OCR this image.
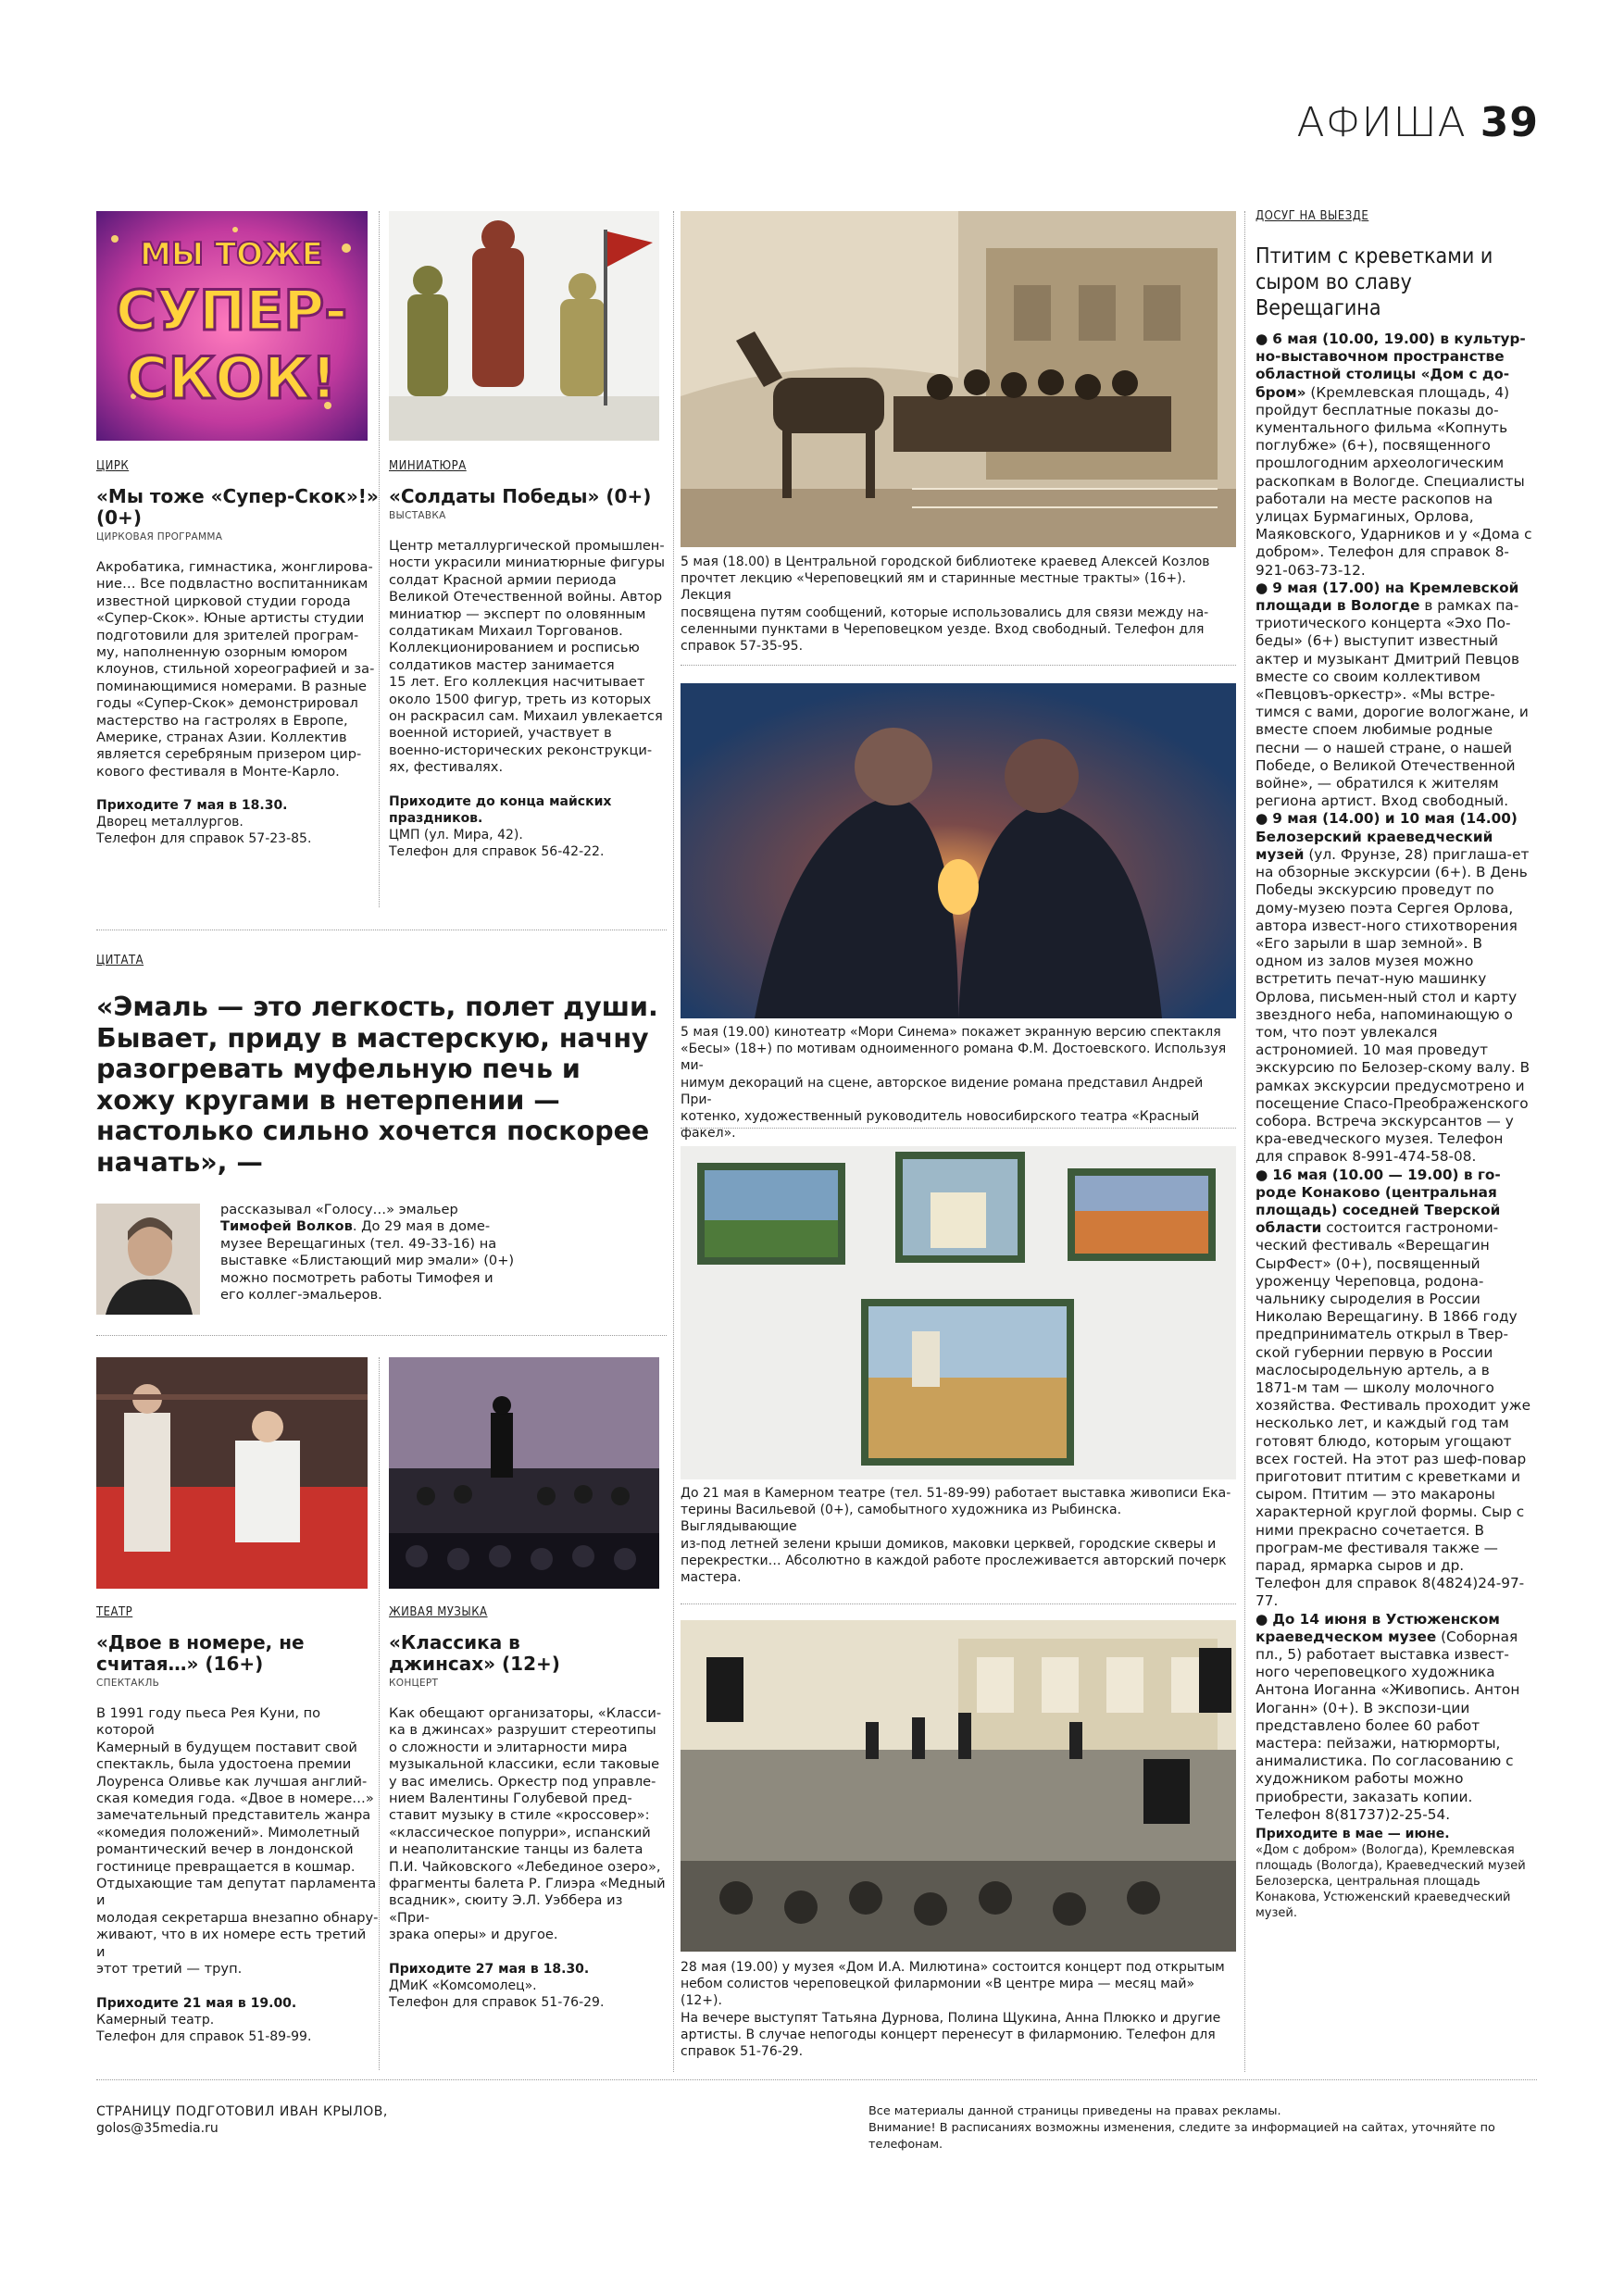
АФИША 39
МЫ ТОЖЕ
СУПЕР-
СКОК!
ЦИРК
«Мы тоже «Супер-Скок»!» (0+)
ЦИРКОВАЯ ПРОГРАММА
Акробатика, гимнастика, жонглирова-
ние… Все подвластно воспитанникам
известной цирковой студии города
«Супер-Скок». Юные артисты студии
подготовили для зрителей програм-
му, наполненную озорным юмором
клоунов, стильной хореографией и за-
поминающимися номерами. В разные
годы «Супер-Скок» демонстрировал
мастерство на гастролях в Европе,
Америке, странах Азии. Коллектив
является серебряным призером цир-
кового фестиваля в Монте-Карло.
Приходите 7 мая в 18.30.
Дворец металлургов.
Телефон для справок 57-23-85.
МИНИАТЮРА
«Солдаты Победы» (0+)
ВЫСТАВКА
Центр металлургической промышлен-
ности украсили миниатюрные фигуры
солдат Красной армии периода
Великой Отечественной войны. Автор
миниатюр — эксперт по оловянным
солдатикам Михаил Торгованов.
Коллекционированием и росписью
солдатиков мастер занимается
15 лет. Его коллекция насчитывает
около 1500 фигур, треть из которых
он раскрасил сам. Михаил увлекается
военной историей, участвует в
военно-исторических реконструкци-
ях, фестивалях.
Приходите до конца майских праздников.
ЦМП (ул. Мира, 42).
Телефон для справок 56-42-22.
ЦИТАТА
«Эмаль — это легкость, полет души. Бывает, приду в мастерскую, начну разогревать муфельную печь и хожу кругами в нетерпении — настолько сильно хочется поскорее начать», —
рассказывал «Голосу…» эмальер Тимофей Волков. До 29 мая в доме-музее Верещагиных (тел. 49-33-16) на выставке «Блистающий мир эмали» (0+) можно посмотреть работы Тимофея и его коллег-эмальеров.
ТЕАТР
«Двое в номере, не считая…» (16+)
СПЕКТАКЛЬ
В 1991 году пьеса Рея Куни, по которой
Камерный в будущем поставит свой
спектакль, была удостоена премии
Лоуренса Оливье как лучшая англий-
ская комедия года. «Двое в номере…»
замечательный представитель жанра
«комедия положений». Мимолетный
романтический вечер в лондонской
гостинице превращается в кошмар.
Отдыхающие там депутат парламента и
молодая секретарша внезапно обнару-
живают, что в их номере есть третий и
этот третий — труп.
Приходите 21 мая в 19.00.
Камерный театр.
Телефон для справок 51-89-99.
ЖИВАЯ МУЗЫКА
«Классика в джинсах» (12+)
КОНЦЕРТ
Как обещают организаторы, «Класси-
ка в джинсах» разрушит стереотипы
о сложности и элитарности мира
музыкальной классики, если таковые
у вас имелись. Оркестр под управле-
нием Валентины Голубевой пред-
ставит музыку в стиле «кроссовер»:
«классическое попурри», испанский
и неаполитанские танцы из балета
П.И. Чайковского «Лебединое озеро»,
фрагменты балета Р. Глиэра «Медный
всадник», сюиту Э.Л. Уэббера из «При-
зрака оперы» и другое.
Приходите 27 мая в 18.30.
ДМиК «Комсомолец».
Телефон для справок 51-76-29.
5 мая (18.00) в Центральной городской библиотеке краевед Алексей Козлов
прочтет лекцию «Череповецкий ям и старинные местные тракты» (16+). Лекция
посвящена путям сообщений, которые использовались для связи между на-
селенными пунктами в Череповецком уезде. Вход свободный. Телефон для
справок 57-35-95.
5 мая (19.00) кинотеатр «Мори Синема» покажет экранную версию спектакля
«Бесы» (18+) по мотивам одноименного романа Ф.М. Достоевского. Используя ми-
нимум декораций на сцене, авторское видение романа представил Андрей При-
котенко, художественный руководитель новосибирского театра «Красный факел».
До 21 мая в Камерном театре (тел. 51-89-99) работает выставка живописи Ека-
терины Васильевой (0+), самобытного художника из Рыбинска. Выглядывающие
из-под летней зелени крыши домиков, маковки церквей, городские скверы и
перекрестки… Абсолютно в каждой работе прослеживается авторский почерк
мастера.
28 мая (19.00) у музея «Дом И.А. Милютина» состоится концерт под открытым
небом солистов череповецкой филармонии «В центре мира — месяц май» (12+).
На вечере выступят Татьяна Дурнова, Полина Щукина, Анна Плюкко и другие
артисты. В случае непогоды концерт перенесут в филармонию. Телефон для
справок 51-76-29.
ДОСУГ НА ВЫЕЗДЕ
Птитим с креветками и сыром во славу Верещагина
● 6 мая (10.00, 19.00) в культур-но-выставочном пространстве областной столицы «Дом с до-бром» (Кремлевская площадь, 4) пройдут бесплатные показы до-кументального фильма «Копнуть поглубже» (6+), посвященного прошлогодним археологическим раскопкам в Вологде. Специалисты работали на месте раскопов на улицах Бурмагиных, Орлова, Маяковского, Ударников и у «Дома с добром». Телефон для справок 8-921-063-73-12.
● 9 мая (17.00) на Кремлевской площади в Вологде в рамках па-триотического концерта «Эхо По-беды» (6+) выступит известный актер и музыкант Дмитрий Певцов вместе со своим коллективом «Певцовъ-оркестр». «Мы встре-тимся с вами, дорогие вологжане, и вместе споем любимые родные песни — о нашей стране, о нашей Победе, о Великой Отечественной войне», — обратился к жителям региона артист. Вход свободный.
● 9 мая (14.00) и 10 мая (14.00) Белозерский краеведческий музей (ул. Фрунзе, 28) приглаша-ет на обзорные экскурсии (6+). В День Победы экскурсию проведут по дому-музею поэта Сергея Орлова, автора извест-ного стихотворения «Его зарыли в шар земной». В одном из залов музея можно встретить печат-ную машинку Орлова, письмен-ный стол и карту звездного неба, напоминающую о том, что поэт увлекался астрономией. 10 мая проведут экскурсию по Белозер-скому валу. В рамках экскурсии предусмотрено и посещение Спасо-Преображенского собора. Встреча экскурсантов — у кра-еведческого музея. Телефон для справок 8-991-474-58-08.
● 16 мая (10.00 — 19.00) в го-роде Конаково (центральная площадь) соседней Тверской области состоится гастрономи-ческий фестиваль «Верещагин СырФест» (0+), посвященный уроженцу Череповца, родона-чальнику сыроделия в России Николаю Верещагину. В 1866 году предприниматель открыл в Твер-ской губернии первую в России маслосыродельную артель, а в 1871-м там — школу молочного хозяйства. Фестиваль проходит уже несколько лет, и каждый год там готовят блюдо, которым угощают всех гостей. На этот раз шеф-повар приготовит птитим с креветками и сыром. Птитим — это макароны характерной круглой формы. Сыр с ними прекрасно сочетается. В програм-ме фестиваля также — парад, ярмарка сыров и др. Телефон для справок 8(4824)24-97-77.
● До 14 июня в Устюженском краеведческом музее (Соборная пл., 5) работает выставка извест-ного череповецкого художника Антона Иоганна «Живопись. Антон Иоганн» (0+). В экспози-ции представлено более 60 работ мастера: пейзажи, натюрморты, анималистика. По согласованию с художником работы можно приобрести, заказать копии. Телефон 8(81737)2-25-54.
Приходите в мае — июне.
«Дом с добром» (Вологда), Кремлевская площадь (Вологда), Краеведческий музей Белозерска, центральная площадь Конакова, Устюженский краеведческий музей.
СТРАНИЦУ ПОДГОТОВИЛ ИВАН КРЫЛОВ,
golos@35media.ru
Все материалы данной страницы приведены на правах рекламы.
Внимание! В расписаниях возможны изменения, следите за информацией на сайтах, уточняйте по телефонам.
